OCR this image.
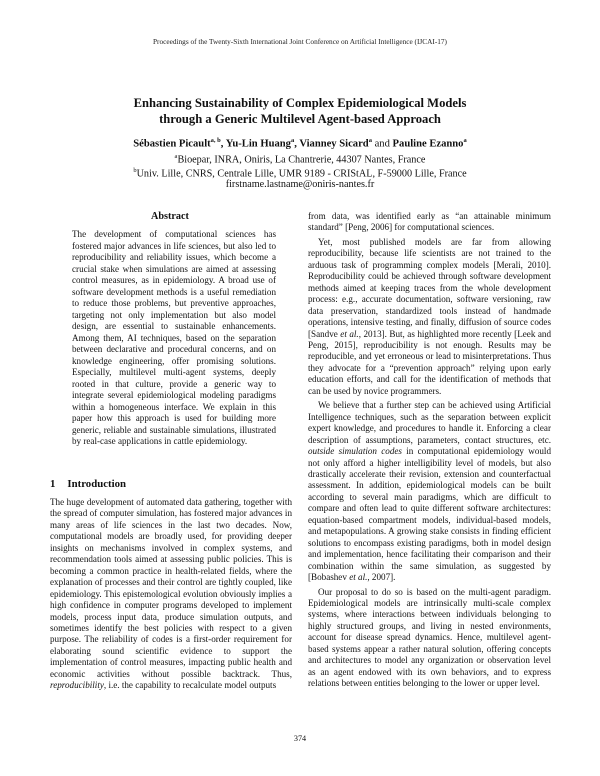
Proceedings of the Twenty-Sixth International Joint Conference on Artificial Intelligence (IJCAI-17)
Enhancing Sustainability of Complex Epidemiological Models
through a Generic Multilevel Agent-based Approach
Sébastien Picault$^{a, b}$, Yu-Lin Huang$^a$, Vianney Sicard$^a$ and Pauline Ezanno$^a$
$^a$Bioepar, INRA, Oniris, La Chantrerie, 44307 Nantes, France
$^b$Univ. Lille, CNRS, Centrale Lille, UMR 9189 - CRIStAL, F-59000 Lille, France
firstname.lastname@oniris-nantes.fr
Abstract
The development of computational sciences has fostered major advances in life sciences, but also led to reproducibility and reliability issues, which become a crucial stake when simulations are aimed at assessing control measures, as in epidemiology. A broad use of software development methods is a useful remediation to reduce those problems, but preventive approaches, targeting not only implementation but also model design, are essential to sustainable enhancements. Among them, AI techniques, based on the separation between declarative and procedural concerns, and on knowledge engineering, offer promising solutions. Especially, multilevel multi-agent systems, deeply rooted in that culture, provide a generic way to integrate several epidemiological modeling paradigms within a homogeneous interface. We explain in this paper how this approach is used for building more generic, reliable and sustainable simulations, illustrated by real-case applications in cattle epidemiology.
1 Introduction
The huge development of automated data gathering, together with the spread of computer simulation, has fostered major advances in many areas of life sciences in the last two decades. Now, computational models are broadly used, for providing deeper insights on mechanisms involved in complex systems, and recommendation tools aimed at assessing public policies. This is becoming a common practice in health-related fields, where the explanation of processes and their control are tightly coupled, like epidemiology. This epistemological evolution obviously implies a high confidence in computer programs developed to implement models, process input data, produce simulation outputs, and sometimes identify the best policies with respect to a given purpose. The reliability of codes is a first-order requirement for elaborating sound scientific evidence to support the implementation of control measures, impacting public health and economic activities without possible backtrack. Thus, reproducibility, i.e. the capability to recalculate model outputs

from data, was identified early as “an attainable minimum standard” [Peng, 2006] for computational sciences.

Yet, most published models are far from allowing reproducibility, because life scientists are not trained to the arduous task of programming complex models [Merali, 2010]. Reproducibility could be achieved through software development methods aimed at keeping traces from the whole development process: e.g., accurate documentation, software versioning, raw data preservation, standardized tools instead of handmade operations, intensive testing, and finally, diffusion of source codes [Sandve et al., 2013]. But, as highlighted more recently [Leek and Peng, 2015], reproducibility is not enough. Results may be reproducible, and yet erroneous or lead to misinterpretations. Thus they advocate for a “prevention approach” relying upon early education efforts, and call for the identification of methods that can be used by novice programmers.

We believe that a further step can be achieved using Artificial Intelligence techniques, such as the separation between explicit expert knowledge, and procedures to handle it. Enforcing a clear description of assumptions, parameters, contact structures, etc. outside simulation codes in computational epidemiology would not only afford a higher intelligibility level of models, but also drastically accelerate their revision, extension and counterfactual assessment. In addition, epidemiological models can be built according to several main paradigms, which are difficult to compare and often lead to quite different software architectures: equation-based compartment models, individual-based models, and metapopulations. A growing stake consists in finding efficient solutions to encompass existing paradigms, both in model design and implementation, hence facilitating their comparison and their combination within the same simulation, as suggested by [Bobashev et al., 2007].

Our proposal to do so is based on the multi-agent paradigm. Epidemiological models are intrinsically multi-scale complex systems, where interactions between individuals belonging to highly structured groups, and living in nested environments, account for disease spread dynamics. Hence, multilevel agent-based systems appear a rather natural solution, offering concepts and architectures to model any organization or observation level as an agent endowed with its own behaviors, and to express relations between entities belonging to the lower or upper level.

374
